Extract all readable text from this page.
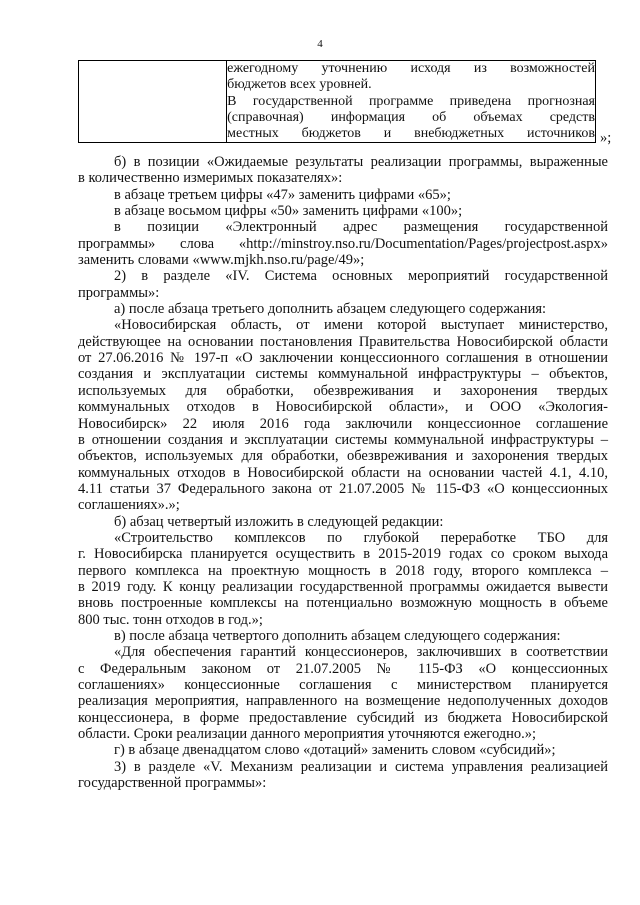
4

ежегодному уточнению исходя из возможностей
бюджетов всех уровней.
В государственной программе приведена прогнозная
(справочная) информация об объемах средств
местных бюджетов и внебюджетных источников »;
б) в позиции «Ожидаемые результаты реализации программы, выраженные
в количественно измеримых показателях»:
в абзаце третьем цифры «47» заменить цифрами «65»;
в абзаце восьмом цифры «50» заменить цифрами «100»;
в позиции «Электронный адрес размещения государственной
программы» слова «http://minstroy.nso.ru/Documentation/Pages/projectpost.aspx»
заменить словами «www.mjkh.nso.ru/page/49»;
2) в разделе «IV. Система основных мероприятий государственной
программы»:
а) после абзаца третьего дополнить абзацем следующего содержания:
«Новосибирская область, от имени которой выступает министерство,
действующее на основании постановления Правительства Новосибирской области
от 27.06.2016 № 197-п «О заключении концессионного соглашения в отношении
создания и эксплуатации системы коммунальной инфраструктуры – объектов,
используемых для обработки, обезвреживания и захоронения твердых
коммунальных отходов в Новосибирской области», и ООО «Экология-
Новосибирск» 22 июля 2016 года заключили концессионное соглашение
в отношении создания и эксплуатации системы коммунальной инфраструктуры –
объектов, используемых для обработки, обезвреживания и захоронения твердых
коммунальных отходов в Новосибирской области на основании частей 4.1, 4.10,
4.11 статьи 37 Федерального закона от 21.07.2005 № 115-ФЗ «О концессионных
соглашениях».»;
б) абзац четвертый изложить в следующей редакции:
«Строительство комплексов по глубокой переработке ТБО для
г. Новосибирска планируется осуществить в 2015-2019 годах со сроком выхода
первого комплекса на проектную мощность в 2018 году, второго комплекса –
в 2019 году. К концу реализации государственной программы ожидается вывести
вновь построенные комплексы на потенциально возможную мощность в объеме
800 тыс. тонн отходов в год.»;
в) после абзаца четвертого дополнить абзацем следующего содержания:
«Для обеспечения гарантий концессионеров, заключивших в соответствии
с Федеральным законом от 21.07.2005 № 115-ФЗ «О концессионных
соглашениях» концессионные соглашения с министерством планируется
реализация мероприятия, направленного на возмещение недополученных доходов
концессионера, в форме предоставление субсидий из бюджета Новосибирской
области. Сроки реализации данного мероприятия уточняются ежегодно.»;
г) в абзаце двенадцатом слово «дотаций» заменить словом «субсидий»;
3) в разделе «V. Механизм реализации и система управления реализацией
государственной программы»:
